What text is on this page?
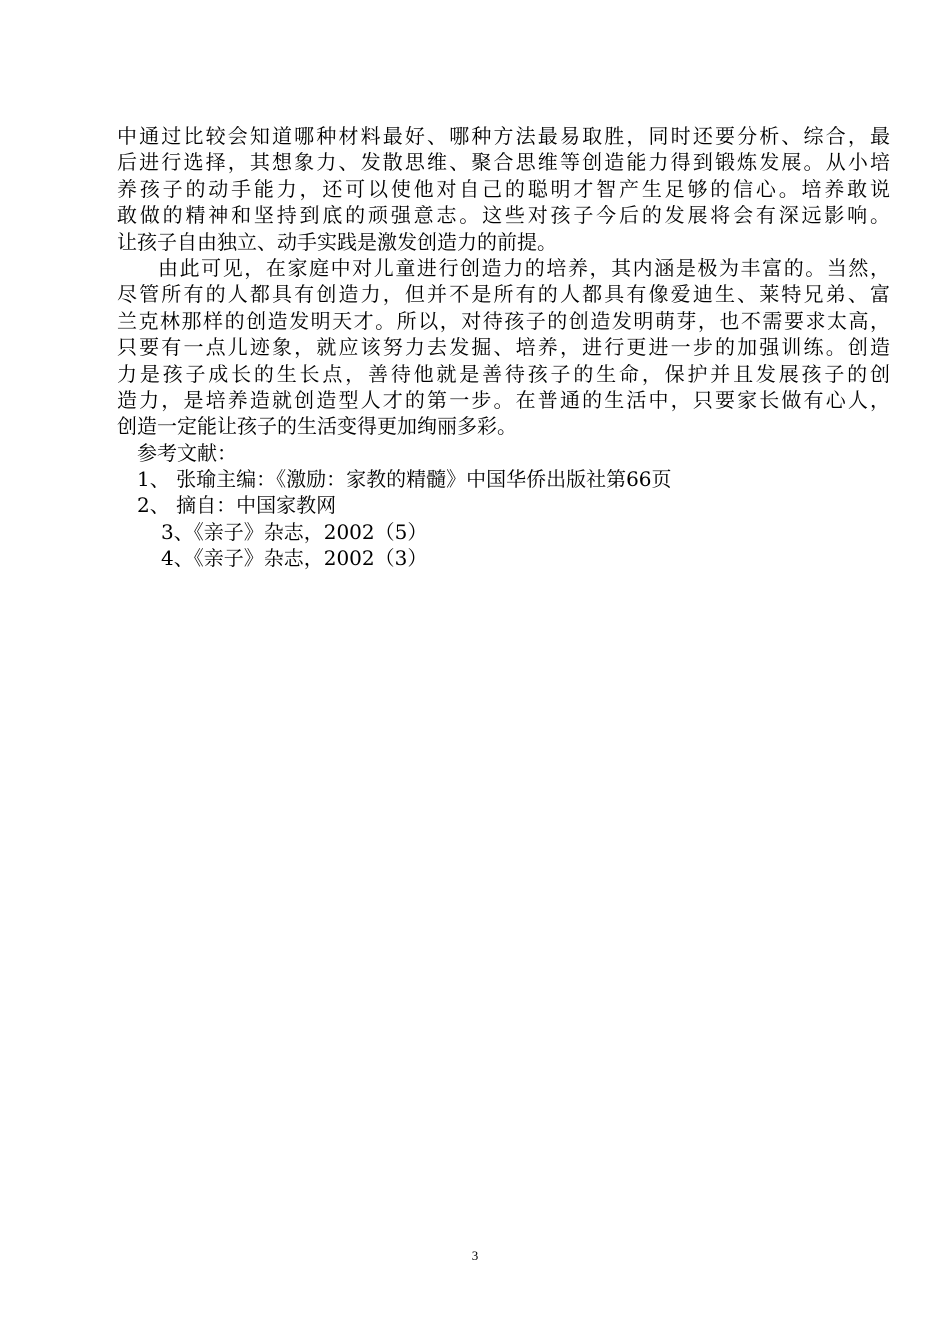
中通过比较会知道哪种材料最好、哪种方法最易取胜，同时还要分析、综合，最
后进行选择，其想象力、发散思维、聚合思维等创造能力得到锻炼发展。从小培
养孩子的动手能力，还可以使他对自己的聪明才智产生足够的信心。培养敢说
敢做的精神和坚持到底的顽强意志。这些对孩子今后的发展将会有深远影响。
让孩子自由独立、动手实践是激发创造力的前提。
由此可见，在家庭中对儿童进行创造力的培养，其内涵是极为丰富的。当然，
尽管所有的人都具有创造力，但并不是所有的人都具有像爱迪生、莱特兄弟、富
兰克林那样的创造发明天才。所以，对待孩子的创造发明萌芽，也不需要求太高，
只要有一点儿迹象，就应该努力去发掘、培养，进行更进一步的加强训练。创造
力是孩子成长的生长点，善待他就是善待孩子的生命，保护并且发展孩子的创
造力，是培养造就创造型人才的第一步。在普通的生活中，只要家长做有心人，
创造一定能让孩子的生活变得更加绚丽多彩。
参考文献：
1、 张瑜主编：《激励：家教的精髓》中国华侨出版社第66页
2、 摘自：中国家教网
3、《亲子》杂志，2002（5）
4、《亲子》杂志，2002（3）
3
